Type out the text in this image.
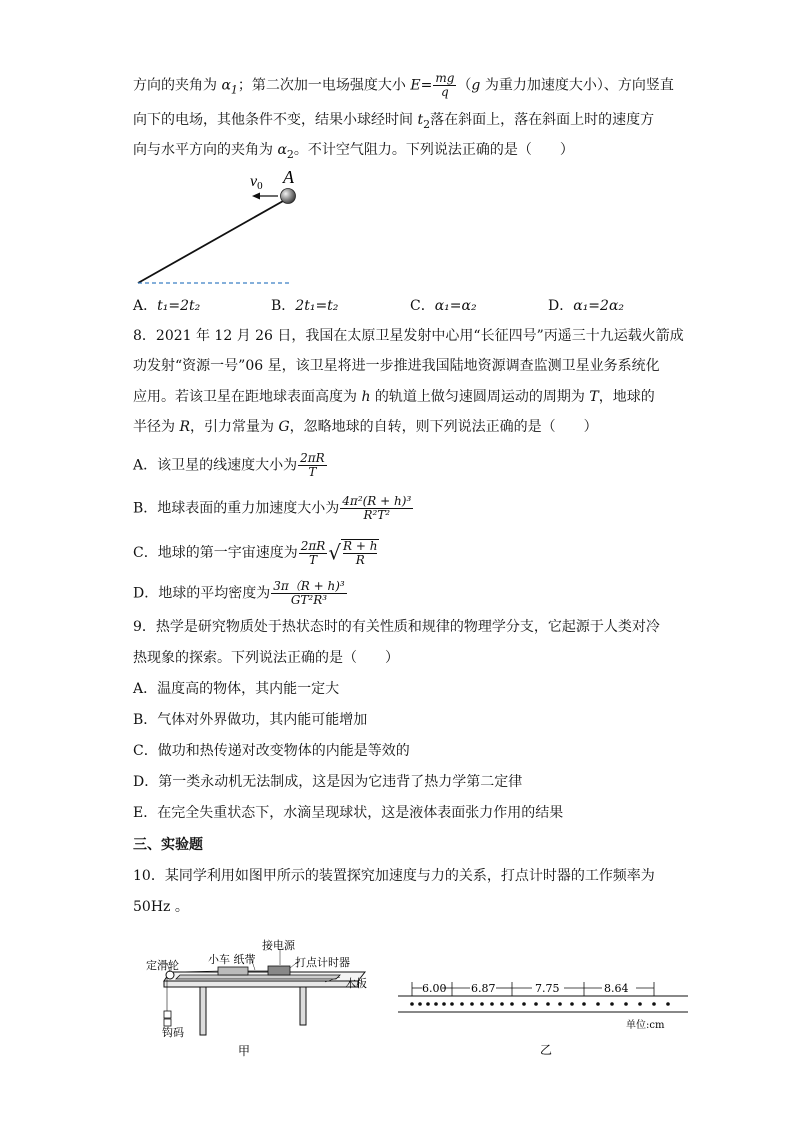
方向的夹角为 $\alpha_1$；第二次加一电场强度大小 $E= \frac{mg}{q} (g$ 为重力加速度大小）、方向竖直
向下的电场，其他条件不变，结果小球经时间 $t_2$落在斜面上，落在斜面上时的速度方
向与水平方向的夹角为 $\alpha_2$。不计空气阻力。下列说法正确的是（　　）
v0 A
A．t₁=2t₂	B．2t₁=t₂	C．α₁=α₂	D．α₁=2α₂
8．2021 年 12 月 26 日，我国在太原卫星发射中心用“长征四号”丙遥三十九运载火箭成
功发射“资源一号”06 星，该卫星将进一步推进我国陆地资源调查监测卫星业务系统化
应用。若该卫星在距地球表面高度为 h 的轨道上做匀速圆周运动的周期为 T，地球的
半径为 R，引力常量为 G，忽略地球的自转，则下列说法正确的是（　　）
A．该卫星的线速度大小为 $\frac{2\pi R}{T}$
B．地球表面的重力加速度大小为 $\frac{\text{4π²(R + h)³}}{\text{R²T²}}$
C．地球的第一宇宙速度为 $\frac{2\pi R}{T}$ √ $\frac{R + h}{R}$
D．地球的平均密度为 $\frac{\text{3π（R + h)³}}{\text{GT²R³}}$
9．热学是研究物质处于热状态时的有关性质和规律的物理学分支，它起源于人类对冷
热现象的探索。下列说法正确的是（　　）
A．温度高的物体，其内能一定大
B．气体对外界做功，其内能可能增加
C．做功和热传递对改变物体的内能是等效的
D．第一类永动机无法制成，这是因为它违背了热力学第二定律
E．在完全失重状态下，水滴呈现球状，这是液体表面张力作用的结果
三、实验题
10．某同学利用如图甲所示的装置探究加速度与力的关系，打点计时器的工作频率为
50Hz 。
定滑轮	小车 纸带
接电源
打点计时器
木板
钩码
甲
6.00 6.87	7.75	8.64
单位:cm
乙
